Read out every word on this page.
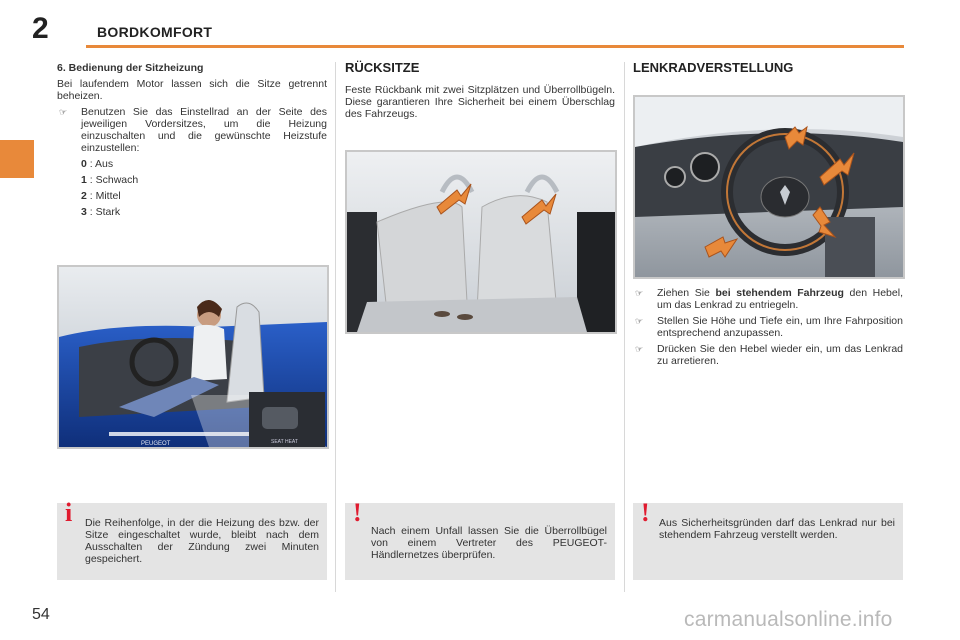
2	BORDKOMFORT
6. Bedienung der Sitzheizung

Bei laufendem Motor lassen sich die Sitze getrennt beheizen.

☞	Benutzen Sie das Einstellrad an der Seite des jeweiligen Vordersitzes, um die Heizung einzuschalten und die gewünschte Heizstufe einzustellen:
0 : Aus
1 : Schwach
2 : Mittel
3 : Stark
SEAT HEAT
PEUGEOT
i Die Reihenfolge, in der die Heizung des bzw. der Sitze eingeschaltet wurde, bleibt nach dem Ausschalten der Zündung zwei Minuten gespeichert.
RÜCKSITZE

Feste Rückbank mit zwei Sitzplätzen und Überrollbügeln. Diese garantieren Ihre Sicherheit bei einem Überschlag des Fahrzeugs.

!
Nach einem Unfall lassen Sie die Überrollbügel von einem Vertreter des PEUGEOT-Händlernetzes überprüfen.
LENKRADVERSTELLUNG
☞	Ziehen Sie bei stehendem Fahrzeug den Hebel, um das Lenkrad zu entriegeln.
☞	Stellen Sie Höhe und Tiefe ein, um Ihre Fahrposition entsprechend anzupassen.
☞	Drücken Sie den Hebel wieder ein, um das Lenkrad zu arretieren.
! Aus Sicherheitsgründen darf das Lenkrad nur bei stehendem Fahrzeug verstellt werden.
54	carmanualsonline.info
